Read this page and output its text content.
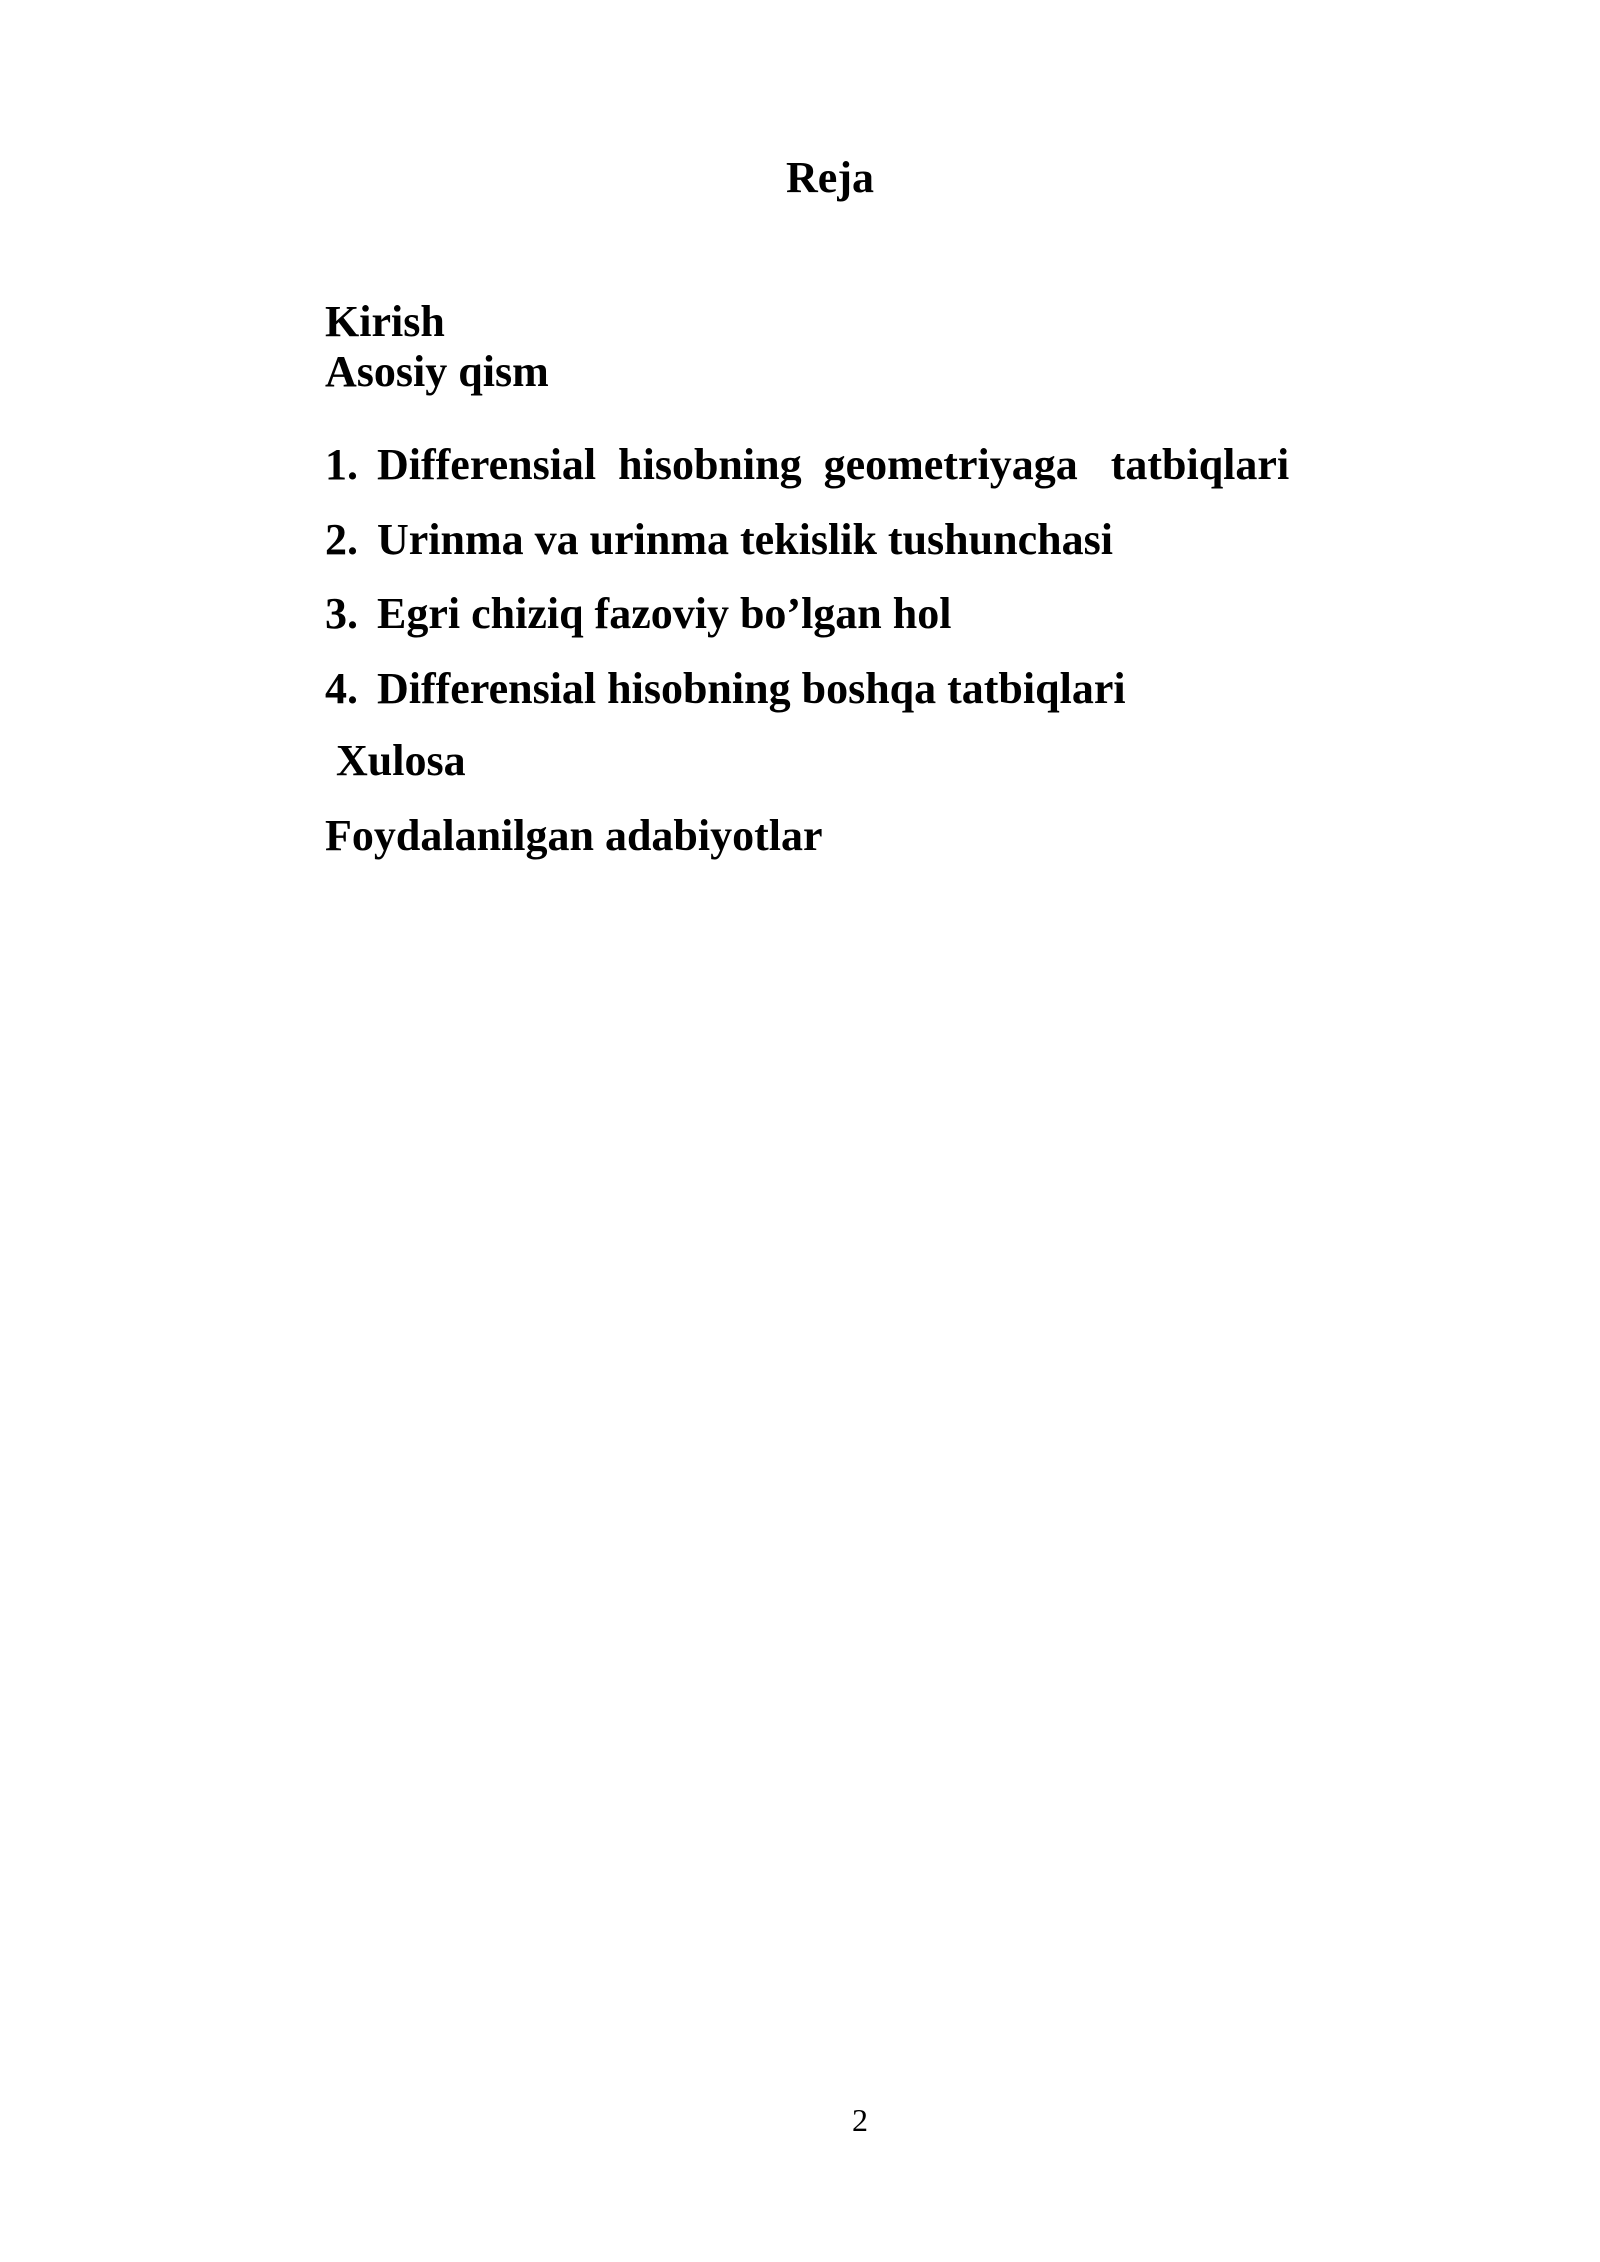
Reja
Kirish
Asosiy qism
1. Differensial  hisobning  geometriyaga   tatbiqlari
2. Urinma va urinma tekislik tushunchasi
3. Egri chiziq fazoviy bo’lgan hol
4. Differensial hisobning boshqa tatbiqlari
Xulosa
Foydalanilgan adabiyotlar
2
